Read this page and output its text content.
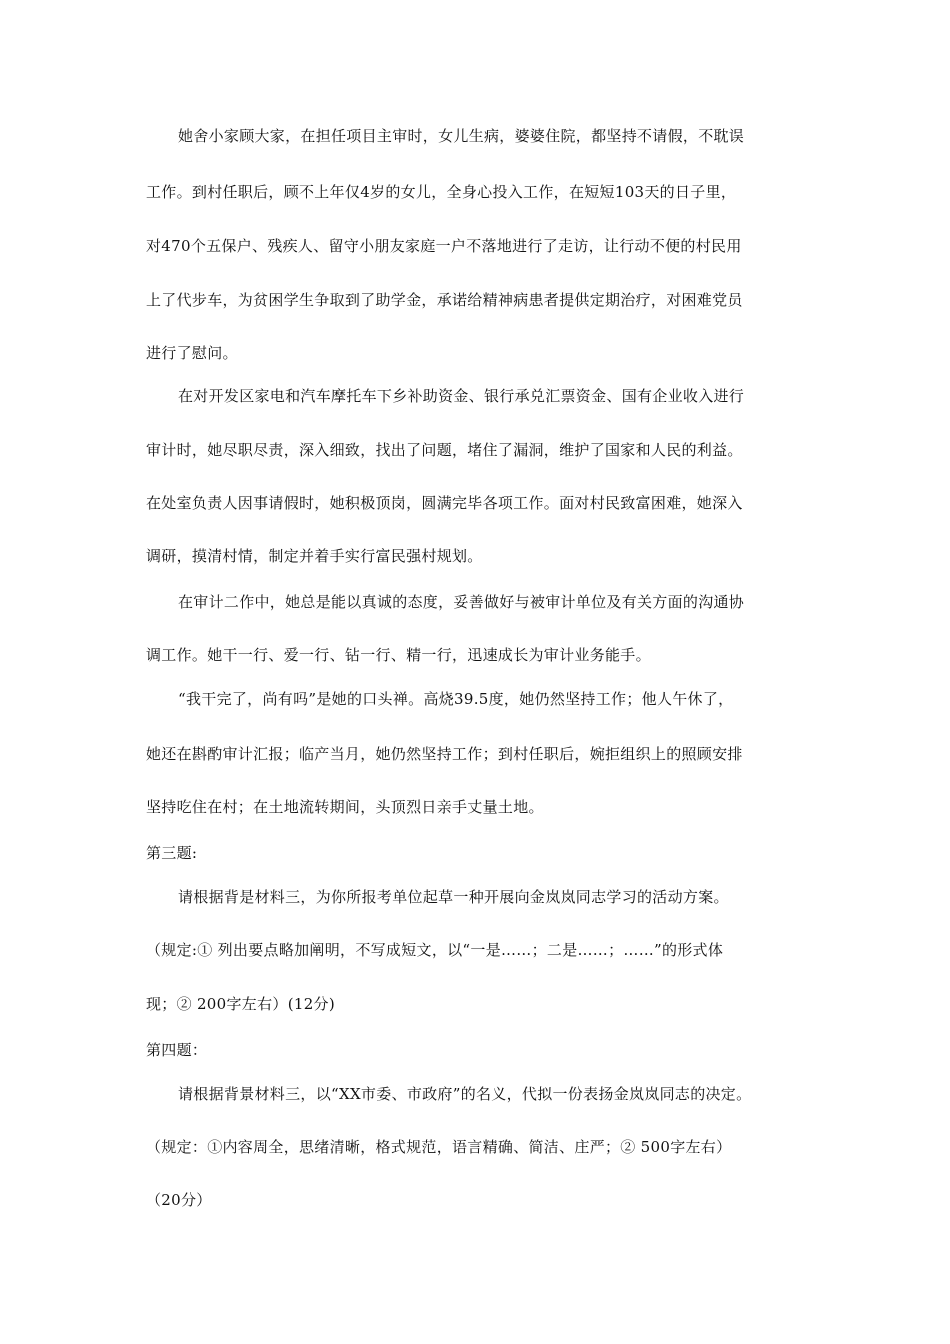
她舍小家顾大家，在担任项目主审时，女儿生病，婆婆住院，都坚持不请假，不耽误
工作。到村任职后，顾不上年仅4岁的女儿，全身心投入工作，在短短103天的日子里，
对470个五保户、残疾人、留守小朋友家庭一户不落地进行了走访，让行动不便的村民用
上了代步车，为贫困学生争取到了助学金，承诺给精神病患者提供定期治疗，对困难党员
进行了慰问。
在对开发区家电和汽车摩托车下乡补助资金、银行承兑汇票资金、国有企业收入进行
审计时，她尽职尽责，深入细致，找出了问题，堵住了漏洞，维护了国家和人民的利益。
在处室负责人因事请假时，她积极顶岗，圆满完毕各项工作。面对村民致富困难，她深入
调研，摸清村情，制定并着手实行富民强村规划。
在审计二作中，她总是能以真诚的态度，妥善做好与被审计单位及有关方面的沟通协
调工作。她干一行、爱一行、钻一行、精一行，迅速成长为审计业务能手。
“我干完了，尚有吗”是她的口头禅。高烧39.5度，她仍然坚持工作；他人午休了，
她还在斟酌审计汇报；临产当月，她仍然坚持工作；到村任职后，婉拒组织上的照顾安排
坚持吃住在村；在土地流转期间，头顶烈日亲手丈量土地。
第三题:
请根据背是材料三，为你所报考单位起草一种开展向金岚岚同志学习的活动方案。
（规定:① 列出要点略加阐明，不写成短文，以“一是……；二是……；……”的形式体
现；② 200字左右）(12分)
第四题：
请根据背景材料三，以“XX市委、市政府”的名义，代拟一份表扬金岚岚同志的决定。
（规定：①内容周全，思绪清晰，格式规范，语言精确、简洁、庄严；② 500字左右）
（20分）
